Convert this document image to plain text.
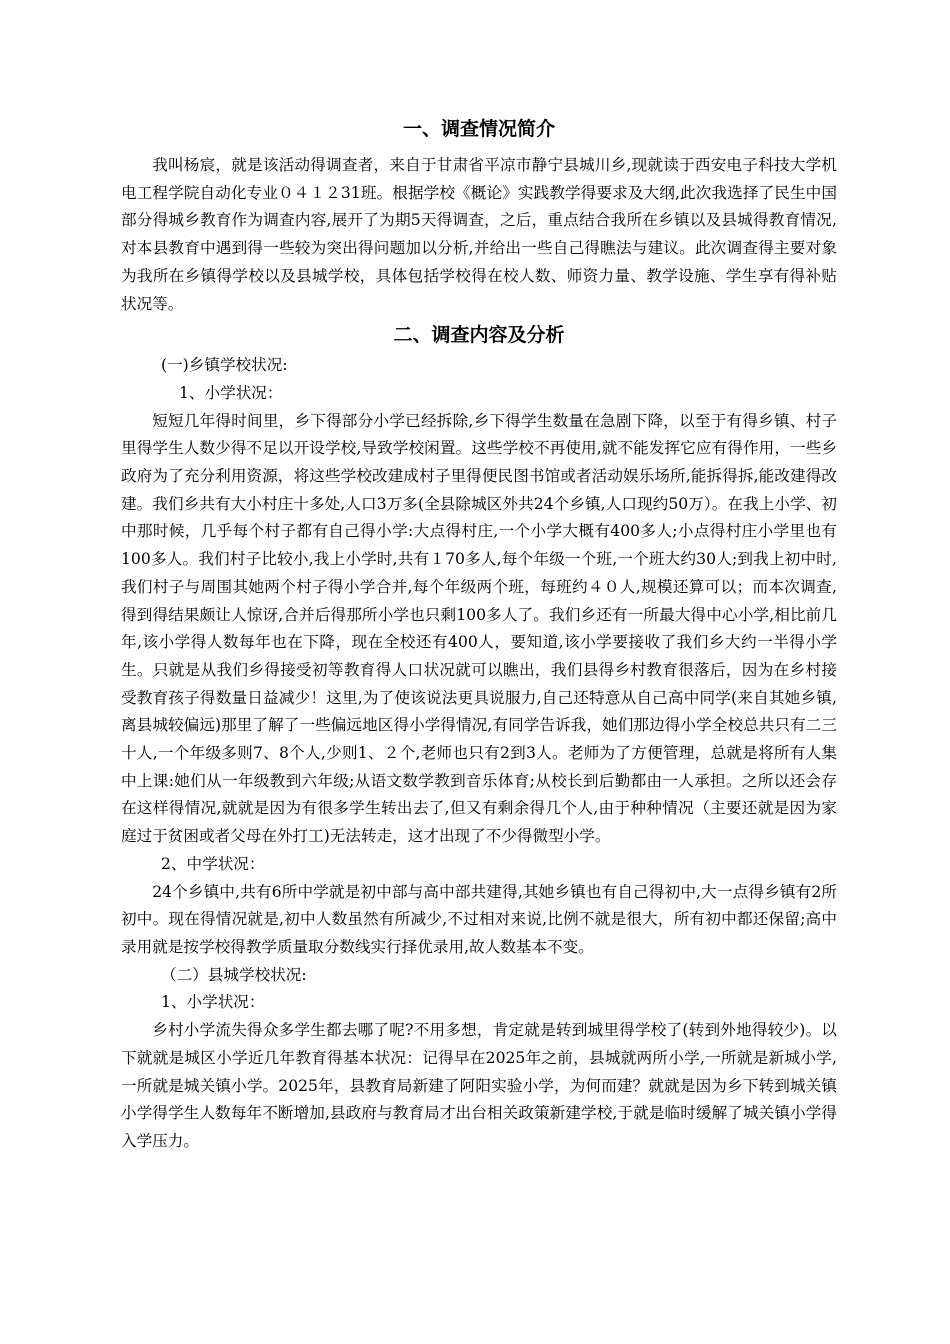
一、调查情况简介

我叫杨宸，就是该活动得调查者，来自于甘肃省平凉市静宁县城川乡,现就读于西安电子科技大学机电工程学院自动化专业０４１２31班。根据学校《概论》实践教学得要求及大纲,此次我选择了民生中国部分得城乡教育作为调查内容,展开了为期5天得调查，之后，重点结合我所在乡镇以及县城得教育情况,对本县教育中遇到得一些较为突出得问题加以分析,并给出一些自己得瞧法与建议。此次调查得主要对象为我所在乡镇得学校以及县城学校，具体包括学校得在校人数、师资力量、教学设施、学生享有得补贴状况等。

二、调查内容及分析
(一)乡镇学校状况:
1、小学状况：

短短几年得时间里，乡下得部分小学已经拆除,乡下得学生数量在急剧下降，以至于有得乡镇、村子里得学生人数少得不足以开设学校,导致学校闲置。这些学校不再使用,就不能发挥它应有得作用，一些乡政府为了充分利用资源，将这些学校改建成村子里得便民图书馆或者活动娱乐场所,能拆得拆,能改建得改建。我们乡共有大小村庄十多处,人口3万多(全县除城区外共24个乡镇,人口现约50万）。在我上小学、初中那时候，几乎每个村子都有自己得小学:大点得村庄,一个小学大概有400多人;小点得村庄小学里也有100多人。我们村子比较小,我上小学时,共有１70多人,每个年级一个班,一个班大约30人;到我上初中时,我们村子与周围其她两个村子得小学合并,每个年级两个班，每班约４０人,规模还算可以；而本次调查,得到得结果颇让人惊讶,合并后得那所小学也只剩100多人了。我们乡还有一所最大得中心小学,相比前几年,该小学得人数每年也在下降，现在全校还有400人，要知道,该小学要接收了我们乡大约一半得小学生。只就是从我们乡得接受初等教育得人口状况就可以瞧出，我们县得乡村教育很落后，因为在乡村接受教育孩子得数量日益减少！这里,为了使该说法更具说服力,自己还特意从自己高中同学(来自其她乡镇,离县城较偏远)那里了解了一些偏远地区得小学得情况,有同学告诉我，她们那边得小学全校总共只有二三十人,一个年级多则7、8个人,少则1、２个,老师也只有2到3人。老师为了方便管理，总就是将所有人集中上课:她们从一年级教到六年级;从语文数学教到音乐体育;从校长到后勤都由一人承担。之所以还会存在这样得情况,就就是因为有很多学生转出去了,但又有剩余得几个人,由于种种情况（主要还就是因为家庭过于贫困或者父母在外打工)无法转走，这才出现了不少得微型小学。

2、中学状况：

24个乡镇中,共有6所中学就是初中部与高中部共建得,其她乡镇也有自己得初中,大一点得乡镇有2所初中。现在得情况就是,初中人数虽然有所减少,不过相对来说,比例不就是很大，所有初中都还保留;高中录用就是按学校得教学质量取分数线实行择优录用,故人数基本不变。

（二）县城学校状况:
1、小学状况：

乡村小学流失得众多学生都去哪了呢?不用多想，肯定就是转到城里得学校了(转到外地得较少)。以下就就是城区小学近几年教育得基本状况：记得早在2025年之前，县城就两所小学,一所就是新城小学,一所就是城关镇小学。2025年，县教育局新建了阿阳实验小学，为何而建？就就是因为乡下转到城关镇小学得学生人数每年不断增加,县政府与教育局才出台相关政策新建学校,于就是临时缓解了城关镇小学得入学压力。
